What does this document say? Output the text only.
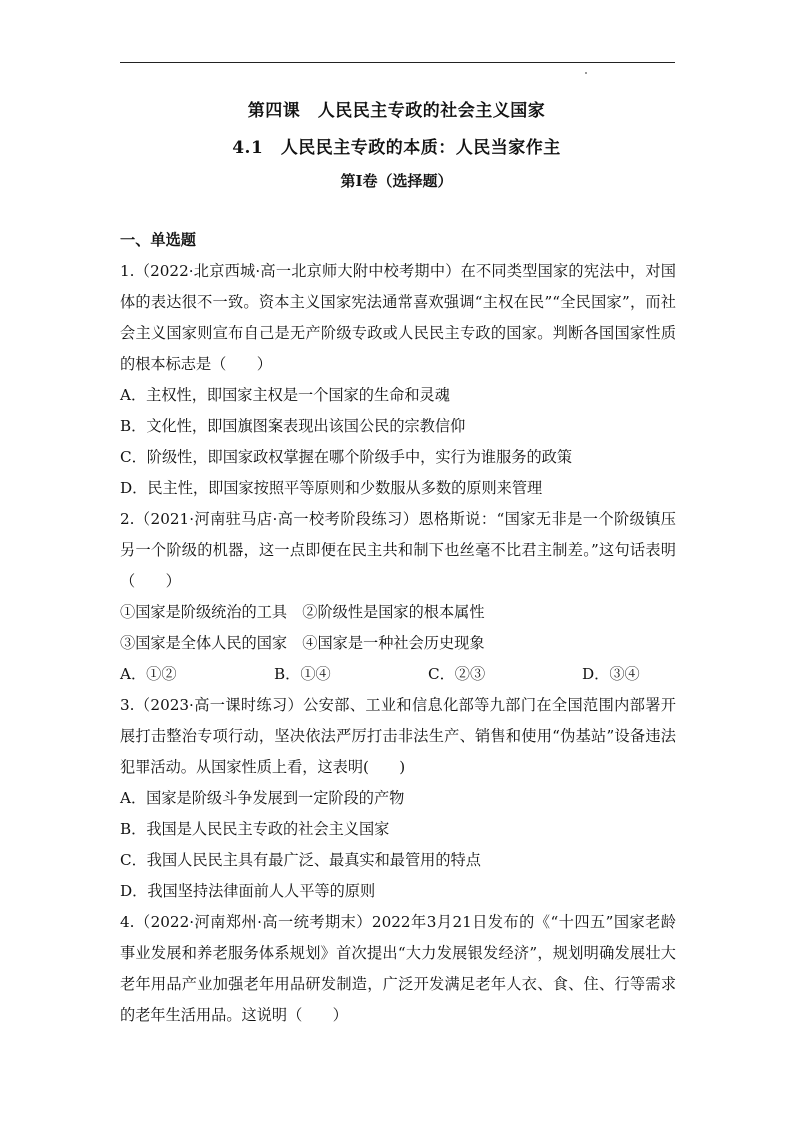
第四课　人民民主专政的社会主义国家
4.1　人民民主专政的本质：人民当家作主
第I卷（选择题）

一、单选题

1.（2022·北京西城·高一北京师大附中校考期中）在不同类型国家的宪法中，对国体的表达很不一致。资本主义国家宪法通常喜欢强调“主权在民”“全民国家”，而社会主义国家则宣布自己是无产阶级专政或人民民主专政的国家。判断各国国家性质的根本标志是（　　）

A．主权性，即国家主权是一个国家的生命和灵魂

B．文化性，即国旗图案表现出该国公民的宗教信仰

C．阶级性，即国家政权掌握在哪个阶级手中，实行为谁服务的政策

D．民主性，即国家按照平等原则和少数服从多数的原则来管理

2.（2021·河南驻马店·高一校考阶段练习）恩格斯说：“国家无非是一个阶级镇压另一个阶级的机器，这一点即便在民主共和制下也丝毫不比君主制差。”这句话表明（　　）

①国家是阶级统治的工具　②阶级性是国家的根本属性

③国家是全体人民的国家　④国家是一种社会历史现象

A．①②	B．①④	C．②③	D．③④

3.（2023·高一课时练习）公安部、工业和信息化部等九部门在全国范围内部署开展打击整治专项行动，坚决依法严厉打击非法生产、销售和使用“伪基站”设备违法犯罪活动。从国家性质上看，这表明(　　)

A．国家是阶级斗争发展到一定阶段的产物

B．我国是人民民主专政的社会主义国家

C．我国人民民主具有最广泛、最真实和最管用的特点

D．我国坚持法律面前人人平等的原则

4.（2022·河南郑州·高一统考期末）2022年3月21日发布的《“十四五”国家老龄事业发展和养老服务体系规划》首次提出“大力发展银发经济”，规划明确发展壮大老年用品产业加强老年用品研发制造，广泛开发满足老年人衣、食、住、行等需求的老年生活用品。这说明（　　）
